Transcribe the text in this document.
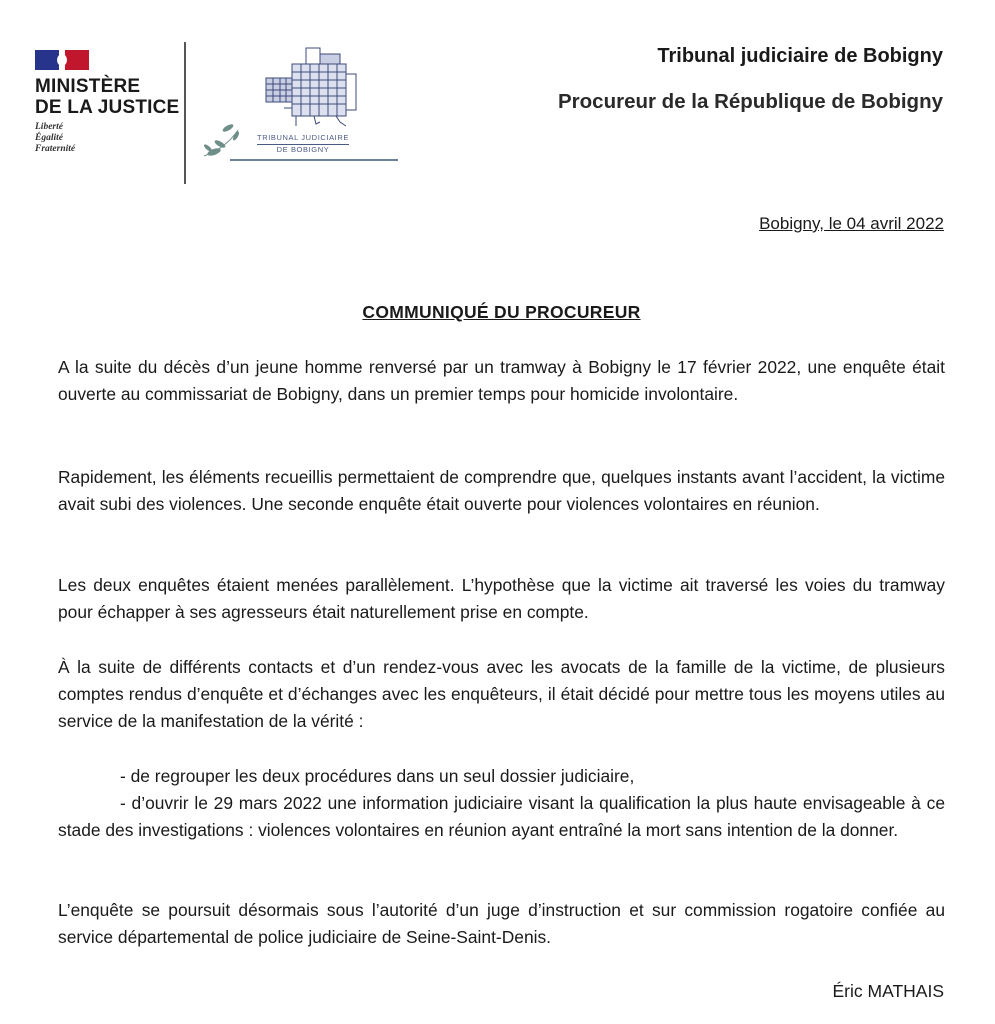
MINISTÈRE
DE LA JUSTICE
Liberté
Égalité
Fraternité
TRIBUNAL JUDICIAIRE
DE BOBIGNY
Tribunal judiciaire de Bobigny
Procureur de la République de Bobigny
Bobigny, le 04 avril 2022
COMMUNIQUÉ DU PROCUREUR
A la suite du décès d’un jeune homme renversé par un tramway à Bobigny le 17 février 2022, une enquête était ouverte au commissariat de Bobigny, dans un premier temps pour homicide involontaire.
Rapidement, les éléments recueillis permettaient de comprendre que, quelques instants avant l’accident, la victime avait subi des violences. Une seconde enquête était ouverte pour violences volontaires en réunion.
Les deux enquêtes étaient menées parallèlement. L’hypothèse que la victime ait traversé les voies du tramway pour échapper à ses agresseurs était naturellement prise en compte.
À la suite de différents contacts et d’un rendez-vous avec les avocats de la famille de la victime, de plusieurs comptes rendus d’enquête et d’échanges avec les enquêteurs, il était décidé pour mettre tous les moyens utiles au service de la manifestation de la vérité :
- de regrouper les deux procédures dans un seul dossier judiciaire,
- d’ouvrir le 29 mars 2022 une information judiciaire visant la qualification la plus haute envisageable à ce stade des investigations : violences volontaires en réunion ayant entraîné la mort sans intention de la donner.
L’enquête se poursuit désormais sous l’autorité d’un juge d’instruction et sur commission rogatoire confiée au service départemental de police judiciaire de Seine-Saint-Denis.
Éric MATHAIS
